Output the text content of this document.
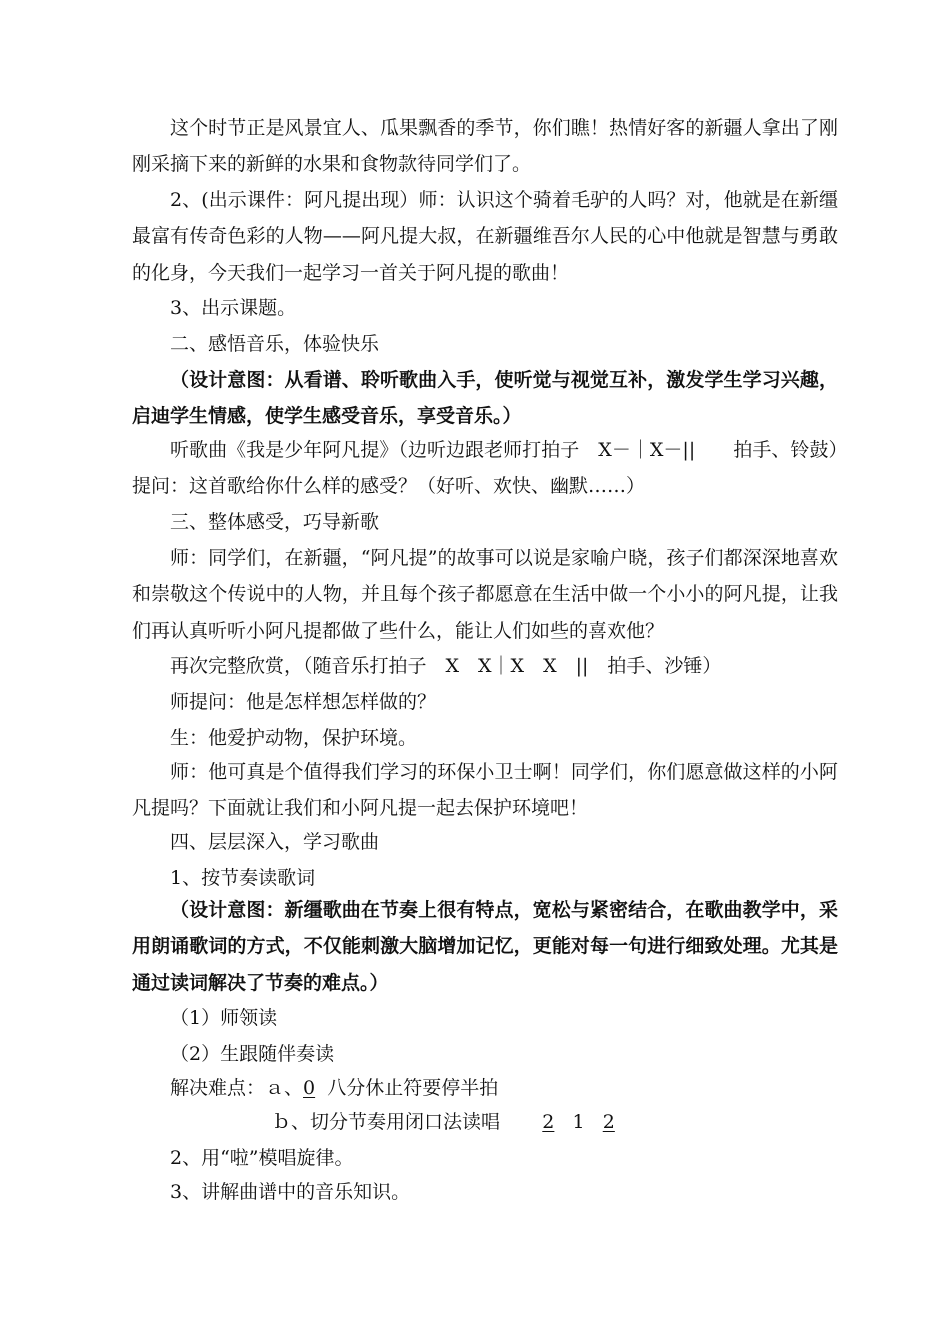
这个时节正是风景宜人、瓜果飘香的季节，你们瞧！热情好客的新疆人拿出了刚刚采摘下来的新鲜的水果和食物款待同学们了。
2、(出示课件：阿凡提出现）师：认识这个骑着毛驴的人吗？对，他就是在新缰最富有传奇色彩的人物——阿凡提大叔，在新疆维吾尔人民的心中他就是智慧与勇敢的化身，今天我们一起学习一首关于阿凡提的歌曲！
3、出示课题。
二、感悟音乐，体验快乐
（设计意图：从看谱、聆听歌曲入手，使听觉与视觉互补，激发学生学习兴趣，启迪学生情感，使学生感受音乐，享受音乐。）
听歌曲《我是少年阿凡提》（边听边跟老师打拍子　X－｜X－||　　拍手、铃鼓）提问：这首歌给你什么样的感受？（好听、欢快、幽默……）
三、整体感受，巧导新歌
师：同学们，在新疆，“阿凡提”的故事可以说是家喻户晓，孩子们都深深地喜欢和崇敬这个传说中的人物，并且每个孩子都愿意在生活中做一个小小的阿凡提，让我们再认真听听小阿凡提都做了些什么，能让人们如些的喜欢他？
再次完整欣赏，（随音乐打拍子　X　X｜X　X　||　拍手、沙锤）
师提问：他是怎样想怎样做的？
生：他爱护动物，保护环境。
师：他可真是个值得我们学习的环保小卫士啊！同学们，你们愿意做这样的小阿凡提吗？下面就让我们和小阿凡提一起去保护环境吧！
四、层层深入，学习歌曲
1、按节奏读歌词
（设计意图：新缰歌曲在节奏上很有特点，宽松与紧密结合，在歌曲教学中，采用朗诵歌词的方式，不仅能刺激大脑增加记忆，更能对每一句进行细致处理。尤其是通过读词解决了节奏的难点。）
（1）师领读
（2）生跟随伴奏读
解决难点：ａ、0 八分休止符要停半拍
ｂ、切分节奏用闭口法读唱 2 1 2
2、用“啦”模唱旋律。
3、讲解曲谱中的音乐知识。
